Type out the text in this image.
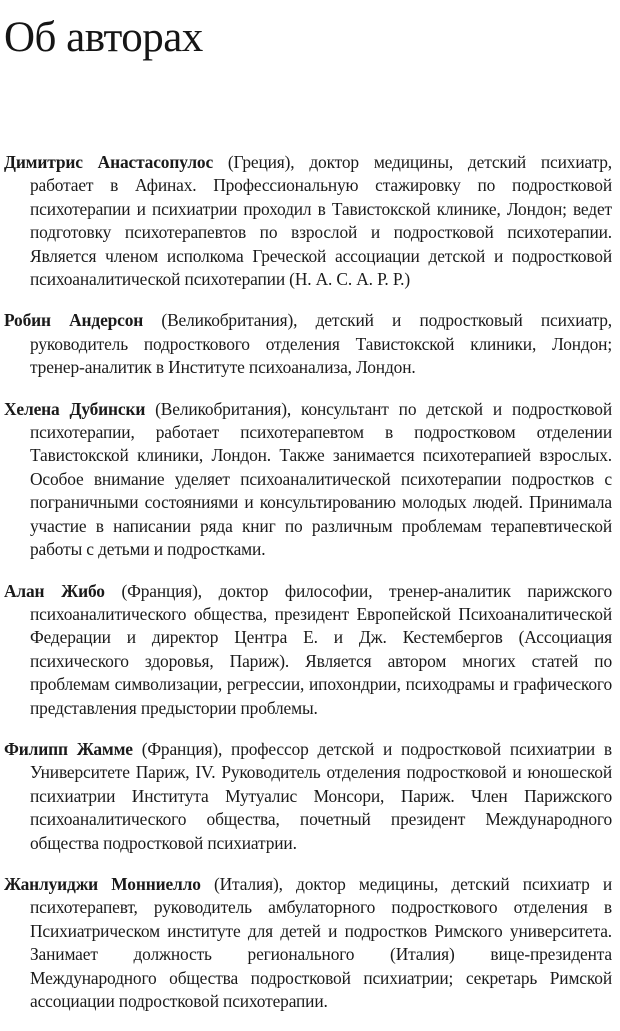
Об авторах

Димитрис Анастасопулос (Греция), доктор медицины, детский психиатр, работает в Афинах. Профессиональную стажировку по подростковой психотерапии и психиатрии проходил в Тавистокской клинике, Лондон; ведет подготовку психотерапевтов по взрослой и подростковой психотерапии. Является членом исполкома Греческой ассоциации детской и подростковой психоаналитической психотерапии (Н. А. С. А. Р. Р.)

Робин Андерсон (Великобритания), детский и подростковый психиатр, руководитель подросткового отделения Тавистокской клиники, Лондон; тренер-аналитик в Институте психоанализа, Лондон.

Хелена Дубински (Великобритания), консультант по детской и подростковой психотерапии, работает психотерапевтом в подростковом отделении Тавистокской клиники, Лондон. Также занимается психотерапией взрослых. Особое внимание уделяет психоаналитической психотерапии подростков с пограничными состояниями и консультированию молодых людей. Принимала участие в написании ряда книг по различным проблемам терапевтической работы с детьми и подростками.

Алан Жибо (Франция), доктор философии, тренер-аналитик парижского психоаналитического общества, президент Европейской Психоаналитической Федерации и директор Центра Е. и Дж. Кестембергов (Ассоциация психического здоровья, Париж). Является автором многих статей по проблемам символизации, регрессии, ипохондрии, психодрамы и графического представления предыстории проблемы.

Филипп Жамме (Франция), профессор детской и подростковой психиатрии в Университете Париж, IV. Руководитель отделения подростковой и юношеской психиатрии Института Мутуалис Монсори, Париж. Член Парижского психоаналитического общества, почетный президент Международного общества подростковой психиатрии.

Жанлуиджи Монниелло (Италия), доктор медицины, детский психиатр и психотерапевт, руководитель амбулаторного подросткового отделения в Психиатрическом институте для детей и подростков Римского университета. Занимает должность регионального (Италия) вице-президента Международного общества подростковой психиатрии; секретарь Римской ассоциации подростковой психотерапии.
